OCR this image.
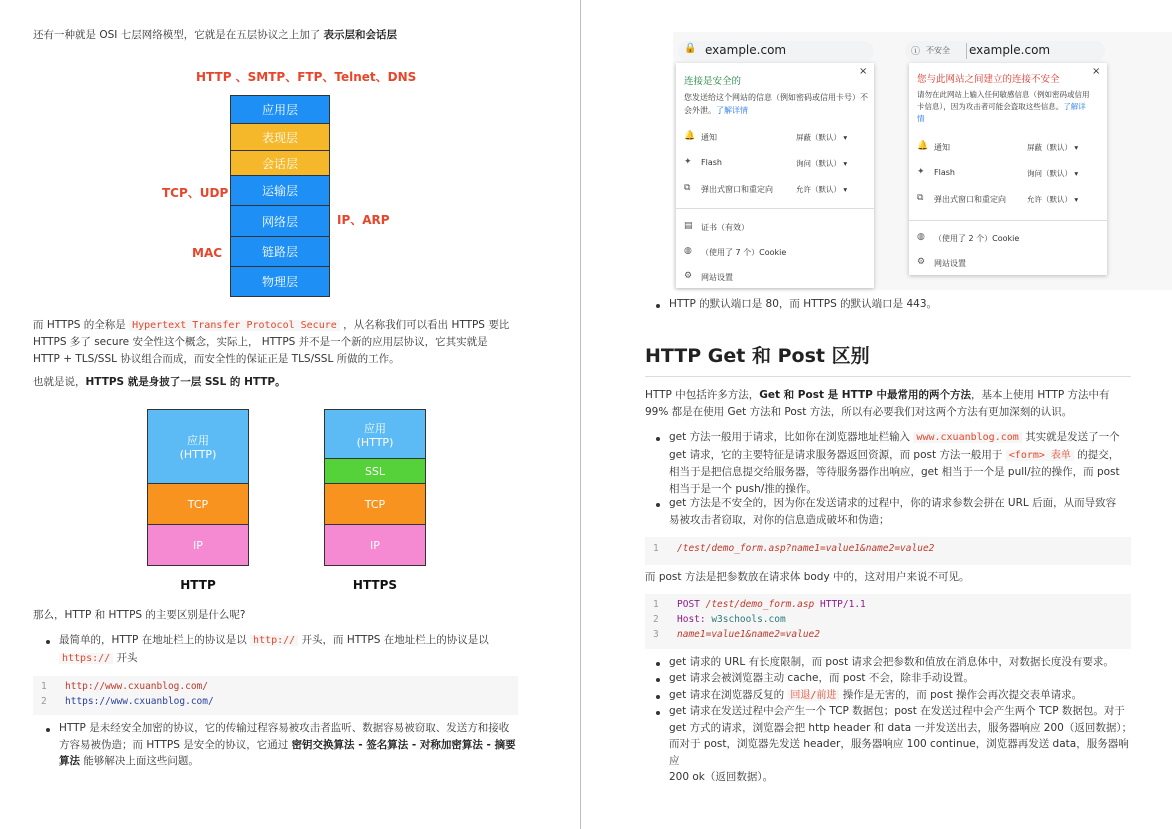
还有一种就是 OSI 七层网络模型，它就是在五层协议之上加了 表示层和会话层
HTTP 、SMTP、FTP、Telnet、DNS
TCP、UDP
MAC
IP、ARP
应用层
表现层
会话层
运输层
网络层
链路层
物理层
而 HTTPS 的全称是 Hypertext Transfer Protocol Secure ，从名称我们可以看出 HTTPS 要比
HTTPS 多了 secure 安全性这个概念，实际上， HTTPS 并不是一个新的应用层协议，它其实就是
HTTP + TLS/SSL 协议组合而成，而安全性的保证正是 TLS/SSL 所做的工作。
也就是说，HTTPS 就是身披了一层 SSL 的 HTTP。
应用
(HTTP)
TCP
IP
HTTP
应用
(HTTP)
SSL
TCP
IP
HTTPS
那么，HTTP 和 HTTPS 的主要区别是什么呢?
最简单的，HTTP 在地址栏上的协议是以 http:// 开头，而 HTTPS 在地址栏上的协议是以
https:// 开头
1 http://www.cxuanblog.com/
2 https://www.cxuanblog.com/
HTTP 是未经安全加密的协议，它的传输过程容易被攻击者监听、数据容易被窃取、发送方和接收
方容易被伪造；而 HTTPS 是安全的协议，它通过 密钥交换算法 - 签名算法 - 对称加密算法 - 摘要
算法 能够解决上面这些问题。
🔒 example.com
×
连接是安全的
您发送给这个网站的信息（例如密码或信用卡号）不
会外泄。了解详情
🔔 通知	屏蔽（默认） ▾
✦ Flash	询问（默认） ▾
⧉ 弹出式窗口和重定向	允许（默认） ▾
▤ 证书（有效）
◍ （使用了 7 个）Cookie
⚙ 网站设置
ⓘ 不安全 example.com
×
您与此网站之间建立的连接不安全
请勿在此网站上输入任何敏感信息（例如密码或信用
卡信息），因为攻击者可能会盗取这些信息。了解详
情
🔔 通知	屏蔽（默认） ▾
✦ Flash	询问（默认） ▾
⧉ 弹出式窗口和重定向	允许（默认） ▾
◍ （使用了 2 个）Cookie
⚙ 网站设置
HTTP 的默认端口是 80，而 HTTPS 的默认端口是 443。
HTTP Get 和 Post 区别
HTTP 中包括许多方法，Get 和 Post 是 HTTP 中最常用的两个方法，基本上使用 HTTP 方法中有
99% 都是在使用 Get 方法和 Post 方法，所以有必要我们对这两个方法有更加深刻的认识。
get 方法一般用于请求，比如你在浏览器地址栏输入 www.cxuanblog.com 其实就是发送了一个
get 请求，它的主要特征是请求服务器返回资源，而 post 方法一般用于 <form> 表单 的提交，
相当于是把信息提交给服务器，等待服务器作出响应，get 相当于一个是 pull/拉的操作，而 post
相当于是一个 push/推的操作。
get 方法是不安全的，因为你在发送请求的过程中，你的请求参数会拼在 URL 后面，从而导致容
易被攻击者窃取，对你的信息造成破坏和伪造；
1 /test/demo_form.asp?name1=value1&name2=value2
而 post 方法是把参数放在请求体 body 中的，这对用户来说不可见。
1 POST /test/demo_form.asp HTTP/1.1
2 Host: w3schools.com
3 name1=value1&name2=value2
get 请求的 URL 有长度限制，而 post 请求会把参数和值放在消息体中，对数据长度没有要求。
get 请求会被浏览器主动 cache，而 post 不会，除非手动设置。
get 请求在浏览器反复的 回退/前进 操作是无害的，而 post 操作会再次提交表单请求。
get 请求在发送过程中会产生一个 TCP 数据包；post 在发送过程中会产生两个 TCP 数据包。对于
get 方式的请求，浏览器会把 http header 和 data 一并发送出去，服务器响应 200（返回数据）；
而对于 post，浏览器先发送 header，服务器响应 100 continue，浏览器再发送 data，服务器响应
200 ok（返回数据）。
